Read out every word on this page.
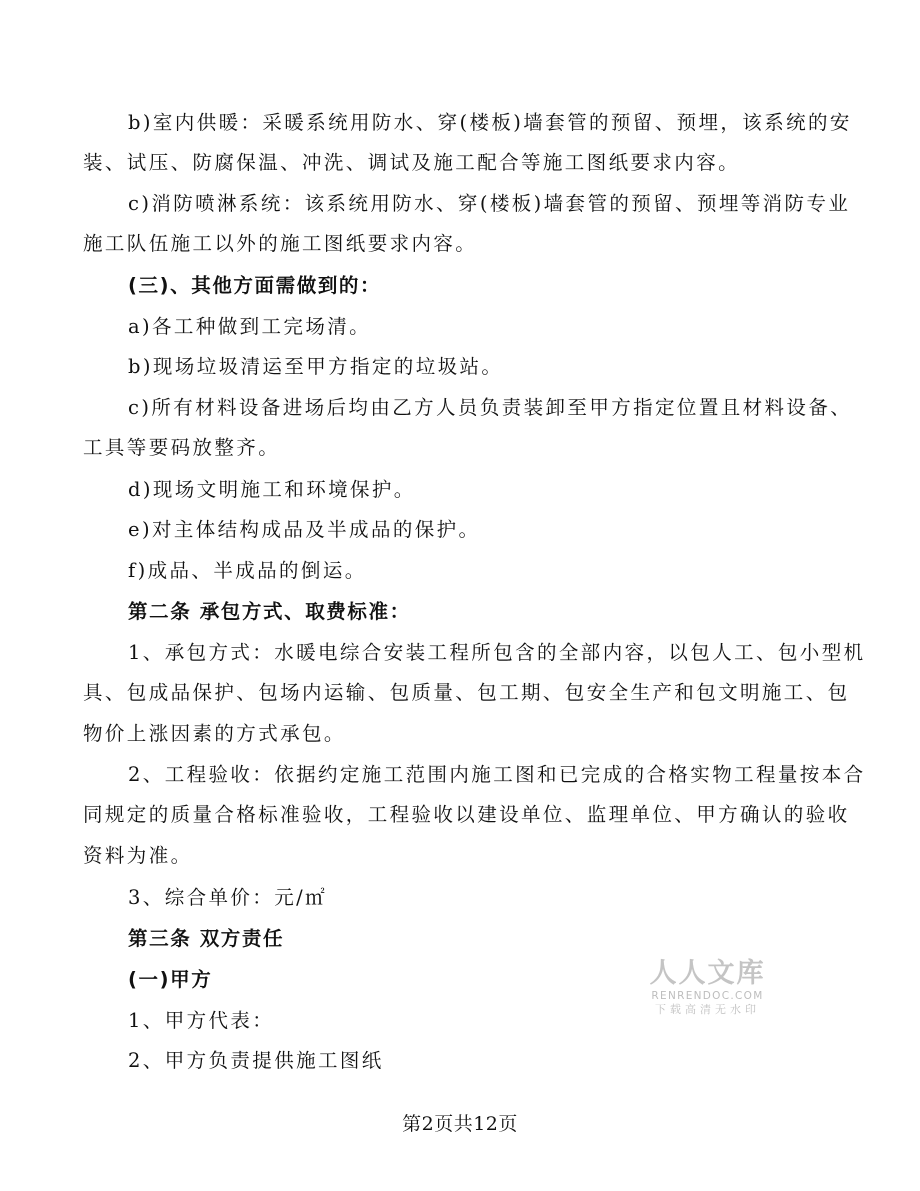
b)室内供暖：采暖系统用防水、穿(楼板)墙套管的预留、预埋，该系统的安
装、试压、防腐保温、冲洗、调试及施工配合等施工图纸要求内容。
c)消防喷淋系统：该系统用防水、穿(楼板)墙套管的预留、预埋等消防专业
施工队伍施工以外的施工图纸要求内容。
(三)、其他方面需做到的：
a)各工种做到工完场清。
b)现场垃圾清运至甲方指定的垃圾站。
c)所有材料设备进场后均由乙方人员负责装卸至甲方指定位置且材料设备、
工具等要码放整齐。
d)现场文明施工和环境保护。
e)对主体结构成品及半成品的保护。
f)成品、半成品的倒运。
第二条 承包方式、取费标准：
1、承包方式：水暖电综合安装工程所包含的全部内容，以包人工、包小型机
具、包成品保护、包场内运输、包质量、包工期、包安全生产和包文明施工、包
物价上涨因素的方式承包。
2、工程验收：依据约定施工范围内施工图和已完成的合格实物工程量按本合
同规定的质量合格标准验收，工程验收以建设单位、监理单位、甲方确认的验收
资料为准。
3、综合单价：元/㎡
第三条 双方责任
(一)甲方
1、甲方代表：
2、甲方负责提供施工图纸
人人文库
RENRENDOC.COM
下载高清无水印
第2页共12页
